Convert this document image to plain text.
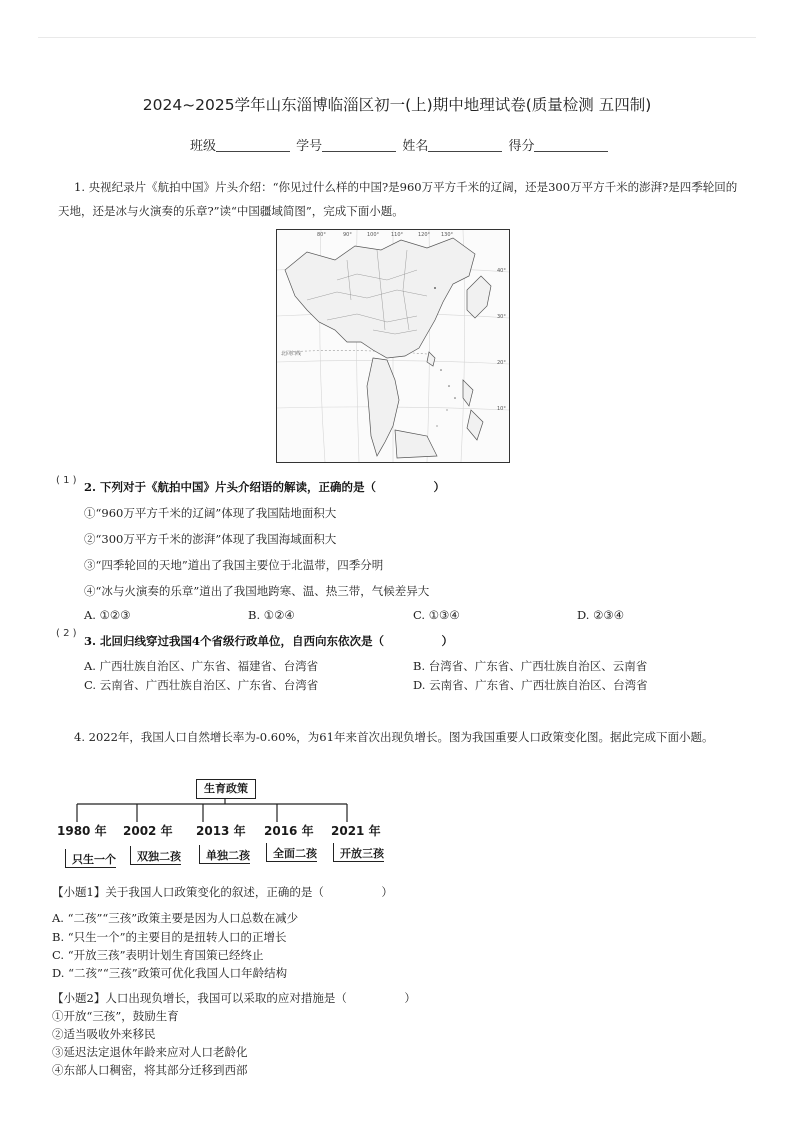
2024~2025学年山东淄博临淄区初一(上)期中地理试卷(质量检测 五四制)
班级	学号	姓名	得分
1. 央视纪录片《航拍中国》片头介绍：“你见过什么样的中国?是960万平方千米的辽阔，还是300万平方千米的澎湃?是四季轮回的天地，还是冰与火演奏的乐章?”读“中国疆域简图”，完成下面小题。
80°	90°	100° 110°	120° 130°
40°
30°
20°
10°
北回归线
( 1 ) 2. 下列对于《航拍中国》片头介绍语的解读，正确的是（　　　　　）
①“960万平方千米的辽阔”体现了我国陆地面积大
②“300万平方千米的澎湃”体现了我国海域面积大
③“四季轮回的天地”道出了我国主要位于北温带，四季分明
④“冰与火演奏的乐章”道出了我国地跨寒、温、热三带，气候差异大
A. ①②③	B. ①②④	C. ①③④	D. ②③④
( 2 )
3. 北回归线穿过我国4个省级行政单位，自西向东依次是（　　　　　）
A. 广西壮族自治区、广东省、福建省、台湾省	B. 台湾省、广东省、广西壮族自治区、云南省
C. 云南省、广西壮族自治区、广东省、台湾省	D. 云南省、广东省、广西壮族自治区、台湾省
4. 2022年，我国人口自然增长率为-0.60%，为61年来首次出现负增长。图为我国重要人口政策变化图。据此完成下面小题。
生育政策
1980 年 2002 年 2013 年 2016 年 2021 年
只生一个	双独二孩	单独二孩	全面二孩	开放三孩
【小题1】关于我国人口政策变化的叙述，正确的是（　　　　　）
A. “二孩”“三孩”政策主要是因为人口总数在减少
B. “只生一个”的主要目的是扭转人口的正增长
C. “开放三孩”表明计划生育国策已经终止
D. “二孩”“三孩”政策可优化我国人口年龄结构
【小题2】人口出现负增长，我国可以采取的应对措施是（　　　　　）
①开放“三孩”，鼓励生育
②适当吸收外来移民
③延迟法定退休年龄来应对人口老龄化
④东部人口稠密，将其部分迁移到西部
